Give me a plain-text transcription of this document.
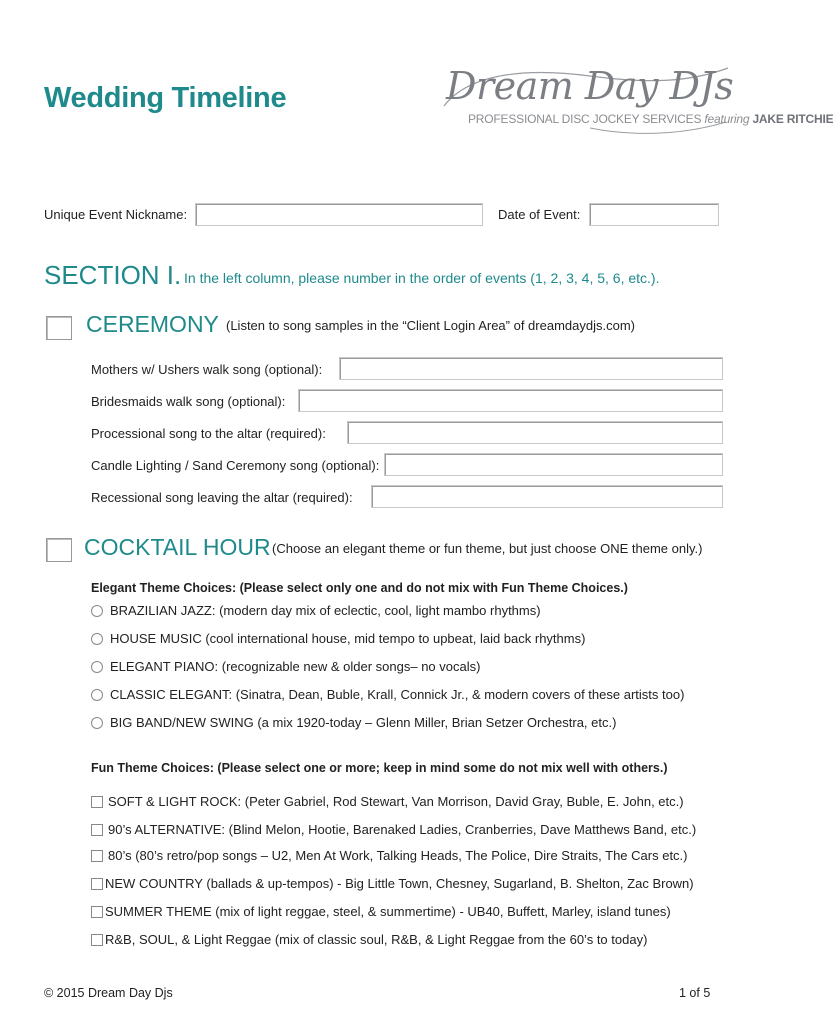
Wedding Timeline	Dream Day DJs
PROFESSIONAL DISC JOCKEY SERVICES featuring JAKE RITCHIE
Unique Event Nickname:	Date of Event:
SECTION I. In the left column, please number in the order of events (1, 2, 3, 4, 5, 6, etc.).
CEREMONY (Listen to song samples in the “Client Login Area” of dreamdaydjs.com)
Mothers w/ Ushers walk song (optional):
Bridesmaids walk song (optional):
Processional song to the altar (required):
Candle Lighting / Sand Ceremony song (optional):
Recessional song leaving the altar (required):
COCKTAIL HOUR (Choose an elegant theme or fun theme, but just choose ONE theme only.)
Elegant Theme Choices: (Please select only one and do not mix with Fun Theme Choices.)
BRAZILIAN JAZZ: (modern day mix of eclectic, cool, light mambo rhythms)
HOUSE MUSIC (cool international house, mid tempo to upbeat, laid back rhythms)
ELEGANT PIANO: (recognizable new & older songs– no vocals)
CLASSIC ELEGANT: (Sinatra, Dean, Buble, Krall, Connick Jr., & modern covers of these artists too)
BIG BAND/NEW SWING (a mix 1920-today – Glenn Miller, Brian Setzer Orchestra, etc.)
Fun Theme Choices: (Please select one or more; keep in mind some do not mix well with others.)
SOFT & LIGHT ROCK: (Peter Gabriel, Rod Stewart, Van Morrison, David Gray, Buble, E. John, etc.)
90’s ALTERNATIVE: (Blind Melon, Hootie, Barenaked Ladies, Cranberries, Dave Matthews Band, etc.)
80’s (80’s retro/pop songs – U2, Men At Work, Talking Heads, The Police, Dire Straits, The Cars etc.)
NEW COUNTRY (ballads & up-tempos) - Big Little Town, Chesney, Sugarland, B. Shelton, Zac Brown)
SUMMER THEME (mix of light reggae, steel, & summertime) - UB40, Buffett, Marley, island tunes)
R&B, SOUL, & Light Reggae (mix of classic soul, R&B, & Light Reggae from the 60’s to today)
© 2015 Dream Day Djs	1 of 5
